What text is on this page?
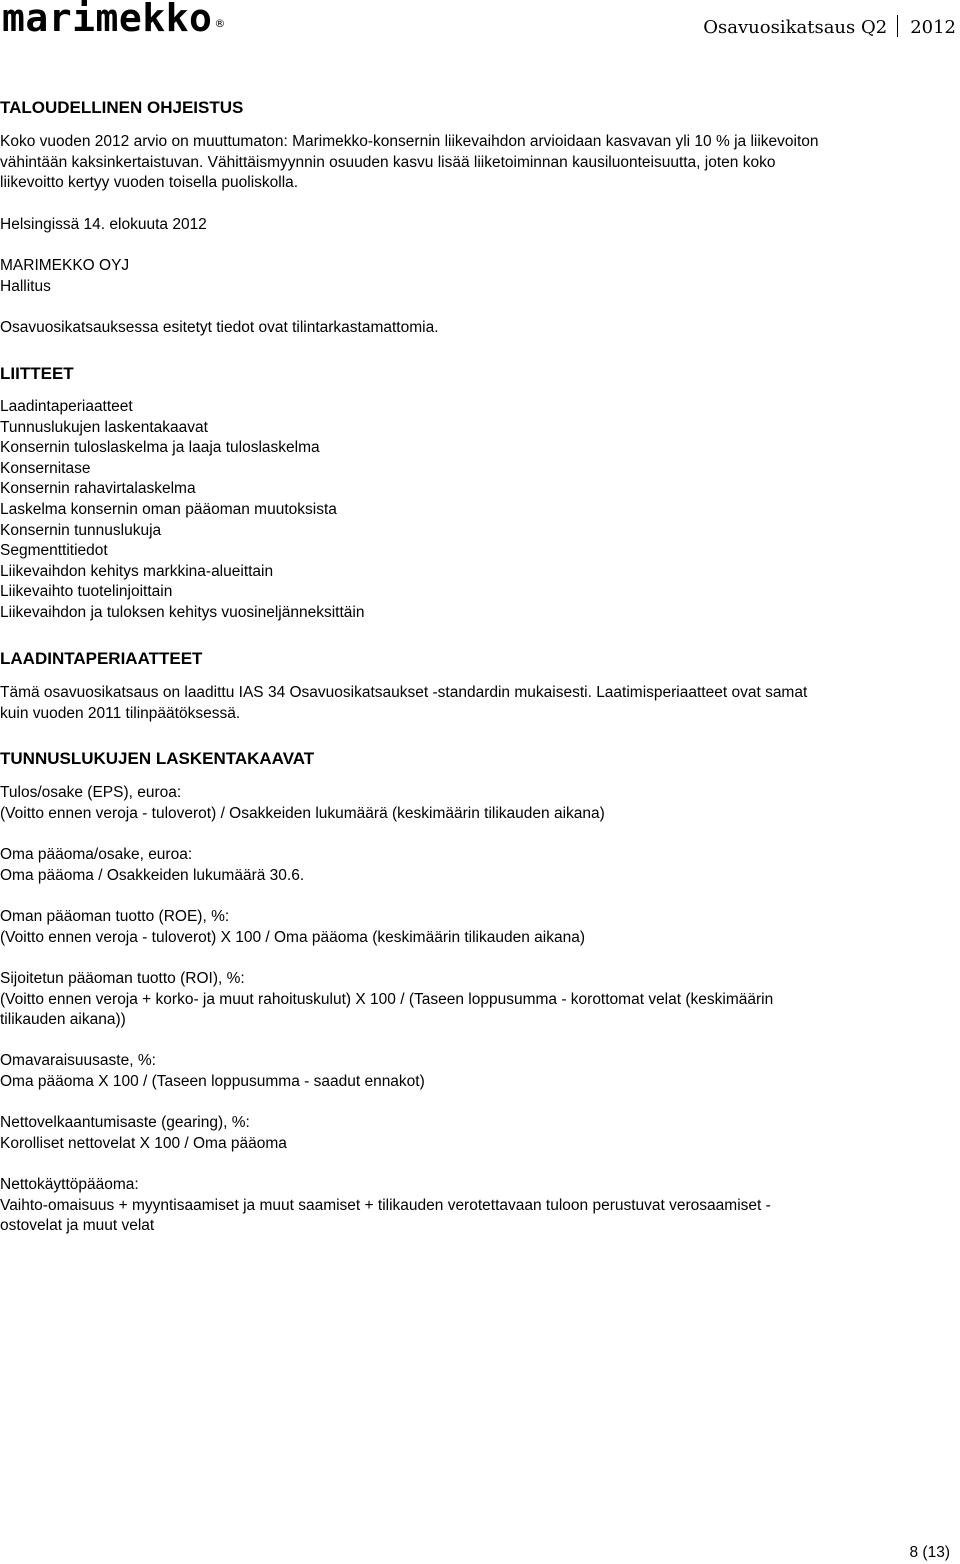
marimekko ®	Osavuosikatsaus Q2 2012
TALOUDELLINEN OHJEISTUS

Koko vuoden 2012 arvio on muuttumaton: Marimekko-konsernin liikevaihdon arvioidaan kasvavan yli 10 % ja liikevoiton
vähintään kaksinkertaistuvan. Vähittäismyynnin osuuden kasvu lisää liiketoiminnan kausiluonteisuutta, joten koko
liikevoitto kertyy vuoden toisella puoliskolla.

Helsingissä 14. elokuuta 2012

MARIMEKKO OYJ
Hallitus

Osavuosikatsauksessa esitetyt tiedot ovat tilintarkastamattomia.

LIITTEET
Laadintaperiaatteet
Tunnuslukujen laskentakaavat
Konsernin tuloslaskelma ja laaja tuloslaskelma
Konsernitase
Konsernin rahavirtalaskelma
Laskelma konsernin oman pääoman muutoksista
Konsernin tunnuslukuja
Segmenttitiedot
Liikevaihdon kehitys markkina-alueittain
Liikevaihto tuotelinjoittain
Liikevaihdon ja tuloksen kehitys vuosineljänneksittäin
LAADINTAPERIAATTEET

Tämä osavuosikatsaus on laadittu IAS 34 Osavuosikatsaukset -standardin mukaisesti. Laatimisperiaatteet ovat samat
kuin vuoden 2011 tilinpäätöksessä.

TUNNUSLUKUJEN LASKENTAKAAVAT
Tulos/osake (EPS), euroa:
(Voitto ennen veroja - tuloverot) / Osakkeiden lukumäärä (keskimäärin tilikauden aikana)
Oma pääoma/osake, euroa:
Oma pääoma / Osakkeiden lukumäärä 30.6.
Oman pääoman tuotto (ROE), %:
(Voitto ennen veroja - tuloverot) X 100 / Oma pääoma (keskimäärin tilikauden aikana)
Sijoitetun pääoman tuotto (ROI), %:
(Voitto ennen veroja + korko- ja muut rahoituskulut) X 100 / (Taseen loppusumma - korottomat velat (keskimäärin
tilikauden aikana))
Omavaraisuusaste, %:
Oma pääoma X 100 / (Taseen loppusumma - saadut ennakot)
Nettovelkaantumisaste (gearing), %:
Korolliset nettovelat X 100 / Oma pääoma
Nettokäyttöpääoma:
Vaihto-omaisuus + myyntisaamiset ja muut saamiset + tilikauden verotettavaan tuloon perustuvat verosaamiset -
ostovelat ja muut velat
8 (13)
